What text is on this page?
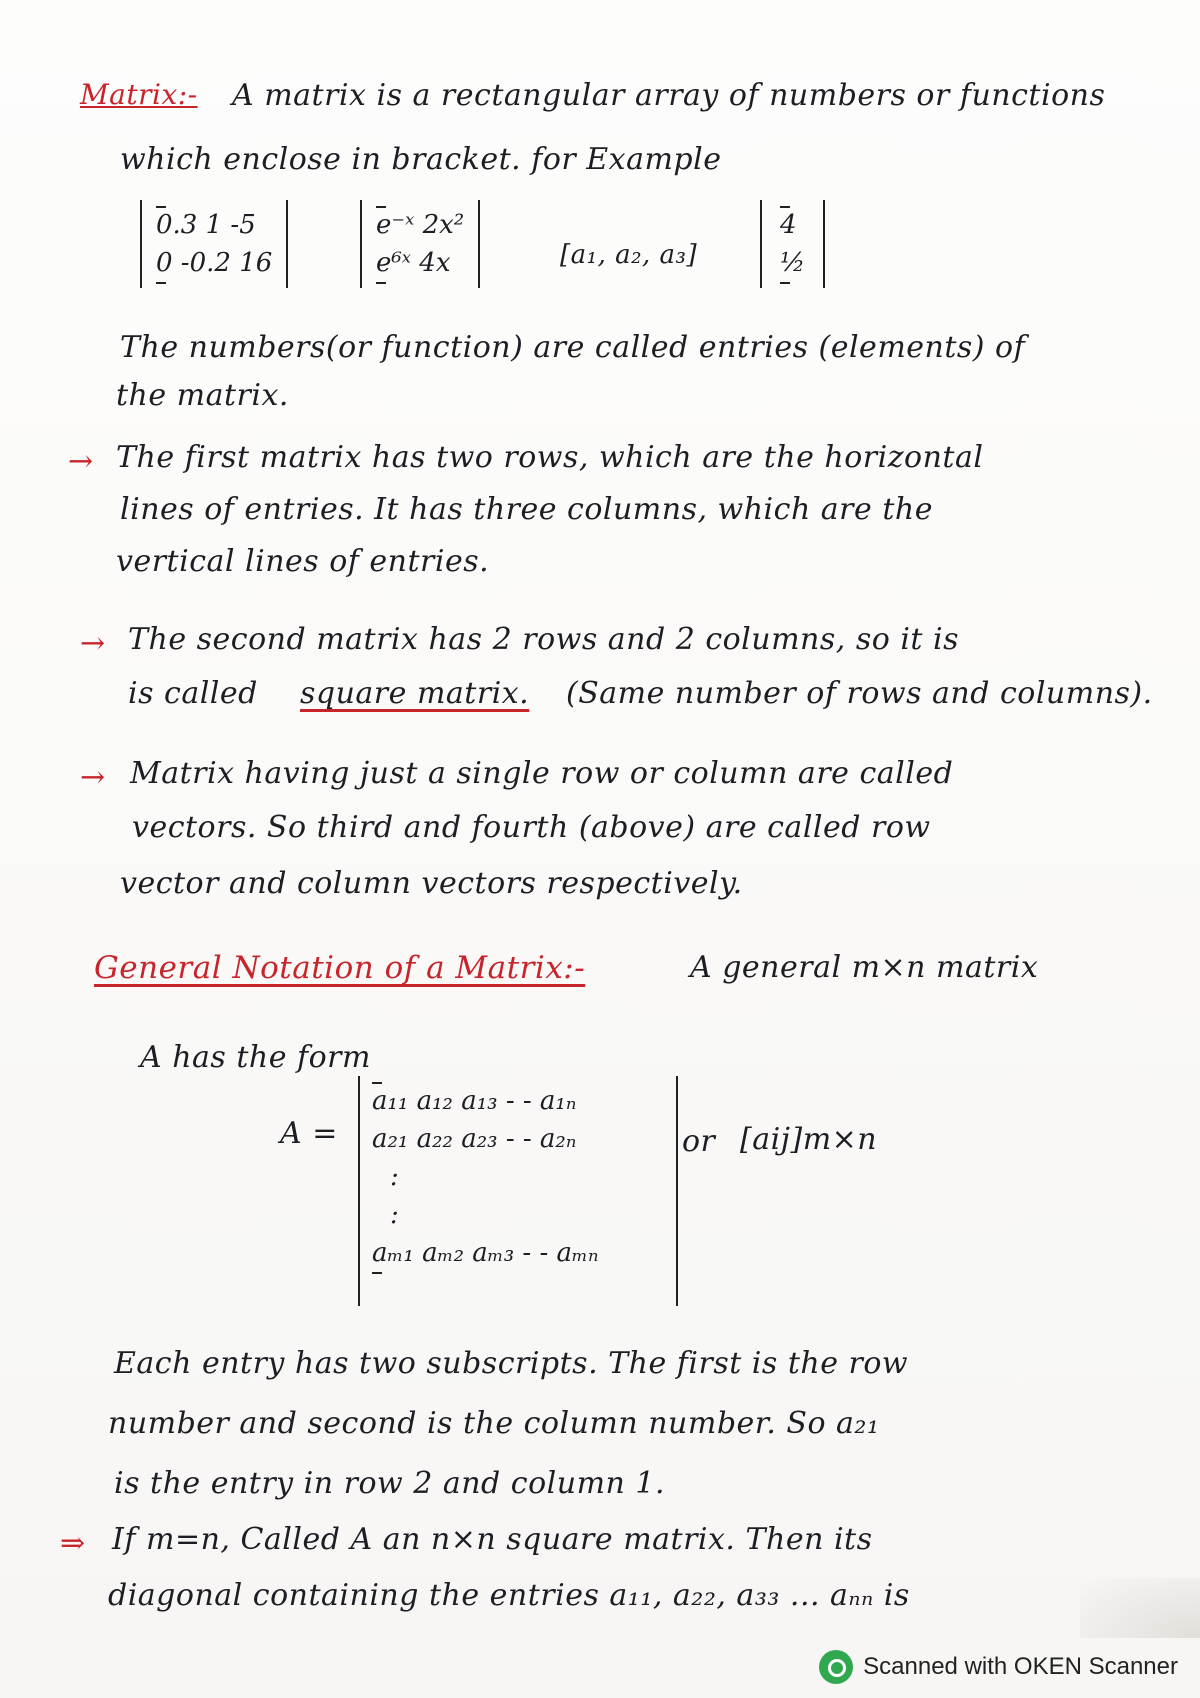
Matrix:- A matrix is a rectangular array of numbers or functions
which enclose in bracket. for Example
0.3 1 -5
0 -0.2 16
e⁻ˣ 2x²
e⁶ˣ 4x	[a₁, a₂, a₃]
4
½
The numbers(or function) are called entries (elements) of
the matrix.
→ The first matrix has two rows, which are the horizontal
lines of entries. It has three columns, which are the
vertical lines of entries.
→ The second matrix has 2 rows and 2 columns, so it is
is called square matrix. (Same number of rows and columns).
→ Matrix having just a single row or column are called
vectors. So third and fourth (above) are called row
vector and column vectors respectively.
General Notation of a Matrix:-	A general m×n matrix
A has the form
A =
a₁₁ a₁₂ a₁₃ - - a₁ₙ
a₂₁ a₂₂ a₂₃ - - a₂ₙ
:
:
aₘ₁ aₘ₂ aₘ₃ - - aₘₙ
or [aij]m×n
Each entry has two subscripts. The first is the row
number and second is the column number. So a₂₁
is the entry in row 2 and column 1.
⇒ If m=n, Called A an n×n square matrix. Then its
diagonal containing the entries a₁₁, a₂₂, a₃₃ ... aₙₙ is
Scanned with OKEN Scanner
